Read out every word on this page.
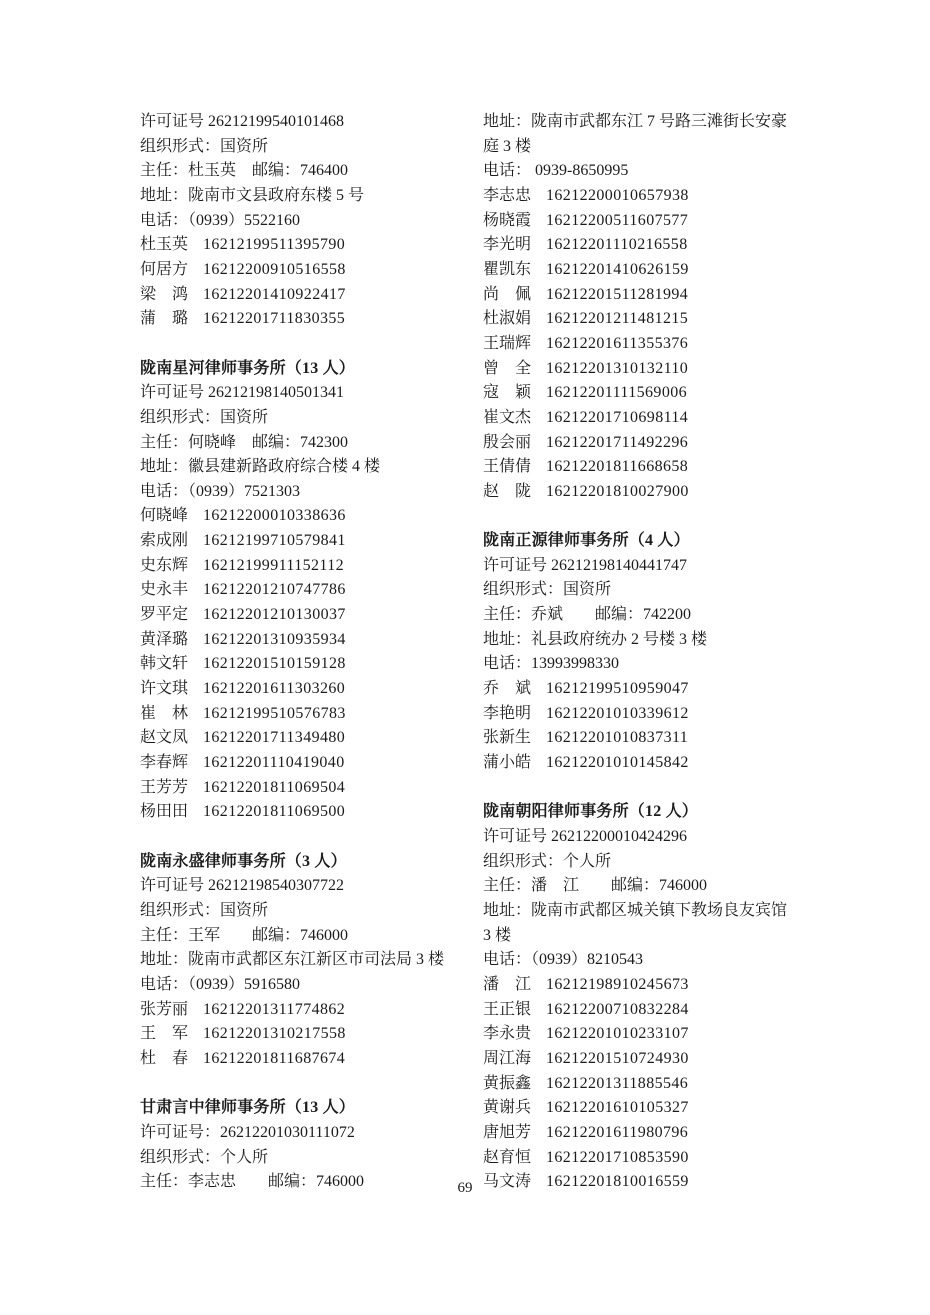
许可证号 26212199540101468
组织形式：国资所
主任：杜玉英　邮编：746400
地址：陇南市文县政府东楼 5 号
电话：（0939）5522160
杜玉英 16212199511395790
何居方 16212200910516558
梁　鸿 16212201410922417
蒲　璐 16212201711830355
陇南星河律师事务所（13 人）
许可证号 26212198140501341
组织形式：国资所
主任：何晓峰　邮编：742300
地址：徽县建新路政府综合楼 4 楼
电话：（0939）7521303
何晓峰 16212200010338636
索成刚 16212199710579841
史东辉 16212199911152112
史永丰 16212201210747786
罗平定 16212201210130037
黄泽璐 16212201310935934
韩文轩 16212201510159128
许文琪 16212201611303260
崔　林 16212199510576783
赵文凤 16212201711349480
李春辉 16212201110419040
王芳芳 16212201811069504
杨田田 16212201811069500
陇南永盛律师事务所（3 人）
许可证号 26212198540307722
组织形式：国资所
主任：王军　　邮编：746000
地址：陇南市武都区东江新区市司法局 3 楼
电话：（0939）5916580
张芳丽 16212201311774862
王　军 16212201310217558
杜　春 16212201811687674
甘肃言中律师事务所（13 人）
许可证号：26212201030111072
组织形式：个人所
主任：李志忠　　邮编：746000
地址：陇南市武都东江 7 号路三滩街长安豪
庭 3 楼
电话： 0939-8650995
李志忠 16212200010657938
杨晓霞 16212200511607577
李光明 16212201110216558
瞿凯东 16212201410626159
尚　佩 16212201511281994
杜淑娟 16212201211481215
王瑞辉 16212201611355376
曾　全 16212201310132110
寇　颖 16212201111569006
崔文杰 16212201710698114
殷会丽 16212201711492296
王倩倩 16212201811668658
赵　陇 16212201810027900
陇南正源律师事务所（4 人）
许可证号 26212198140441747
组织形式：国资所
主任：乔斌　　邮编：742200
地址：礼县政府统办 2 号楼 3 楼
电话：13993998330
乔　斌 16212199510959047
李艳明 16212201010339612
张新生 16212201010837311
蒲小皓 16212201010145842
陇南朝阳律师事务所（12 人）
许可证号 26212200010424296
组织形式：个人所
主任：潘　江　　邮编：746000
地址：陇南市武都区城关镇下教场良友宾馆
3 楼
电话：（0939）8210543
潘　江 16212198910245673
王正银 16212200710832284
李永贵 16212201010233107
周江海 16212201510724930
黄振鑫 16212201311885546
黄谢兵 16212201610105327
唐旭芳 16212201611980796
赵育恒 16212201710853590
马文涛 16212201810016559
69
